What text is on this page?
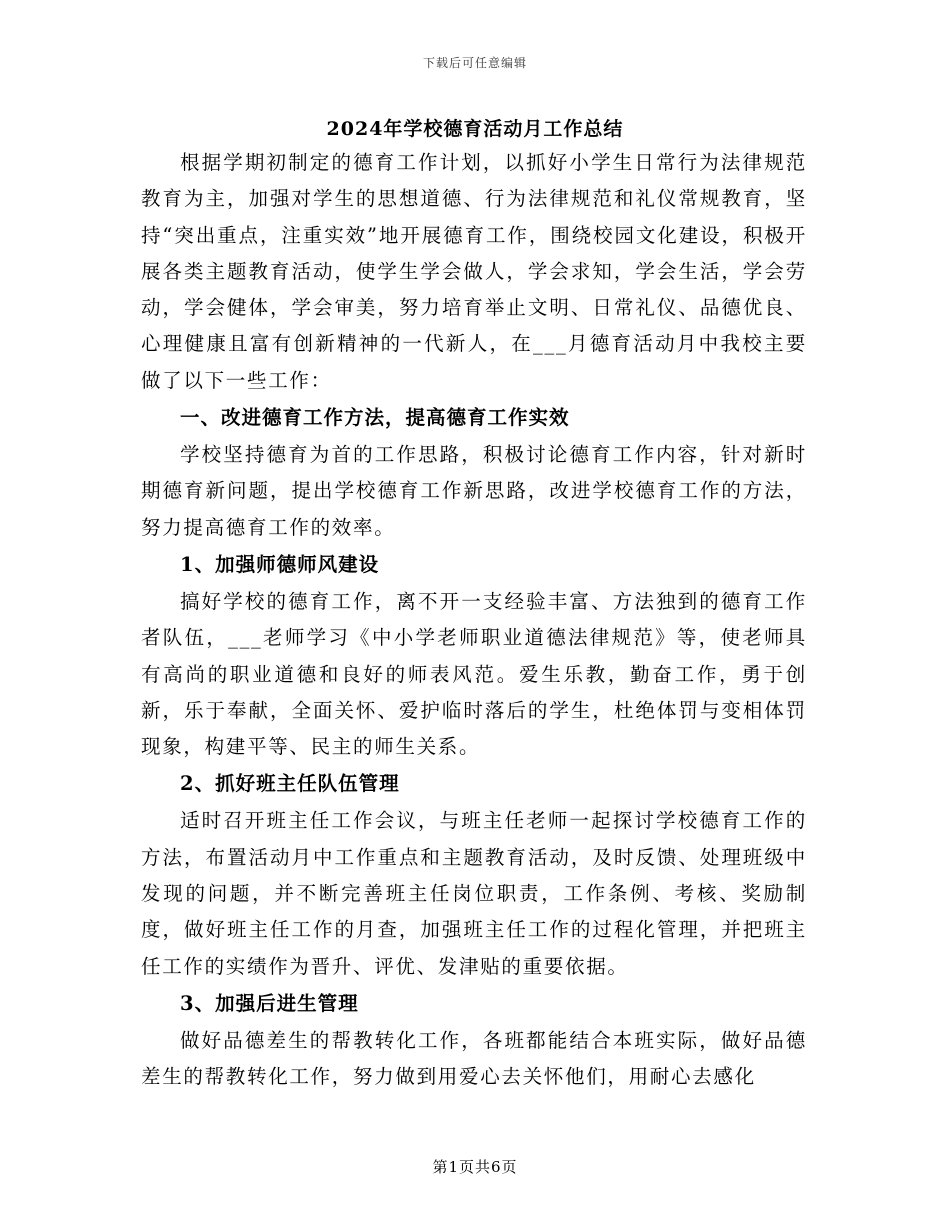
下载后可任意编辑
2024年学校德育活动月工作总结

根据学期初制定的德育工作计划，以抓好小学生日常行为法律规范教育为主，加强对学生的思想道德、行为法律规范和礼仪常规教育，坚持“突出重点，注重实效”地开展德育工作，围绕校园文化建设，积极开展各类主题教育活动，使学生学会做人，学会求知，学会生活，学会劳动，学会健体，学会审美，努力培育举止文明、日常礼仪、品德优良、心理健康且富有创新精神的一代新人，在___月德育活动月中我校主要做了以下一些工作：

一、改进德育工作方法，提高德育工作实效

学校坚持德育为首的工作思路，积极讨论德育工作内容，针对新时期德育新问题，提出学校德育工作新思路，改进学校德育工作的方法，努力提高德育工作的效率。

1、加强师德师风建设

搞好学校的德育工作，离不开一支经验丰富、方法独到的德育工作者队伍，___老师学习《中小学老师职业道德法律规范》等，使老师具有高尚的职业道德和良好的师表风范。爱生乐教，勤奋工作，勇于创新，乐于奉献，全面关怀、爱护临时落后的学生，杜绝体罚与变相体罚现象，构建平等、民主的师生关系。

2、抓好班主任队伍管理

适时召开班主任工作会议，与班主任老师一起探讨学校德育工作的方法，布置活动月中工作重点和主题教育活动，及时反馈、处理班级中发现的问题，并不断完善班主任岗位职责，工作条例、考核、奖励制度，做好班主任工作的月查，加强班主任工作的过程化管理，并把班主任工作的实绩作为晋升、评优、发津贴的重要依据。

3、加强后进生管理

做好品德差生的帮教转化工作，各班都能结合本班实际，做好品德差生的帮教转化工作，努力做到用爱心去关怀他们，用耐心去感化

第1页共6页
